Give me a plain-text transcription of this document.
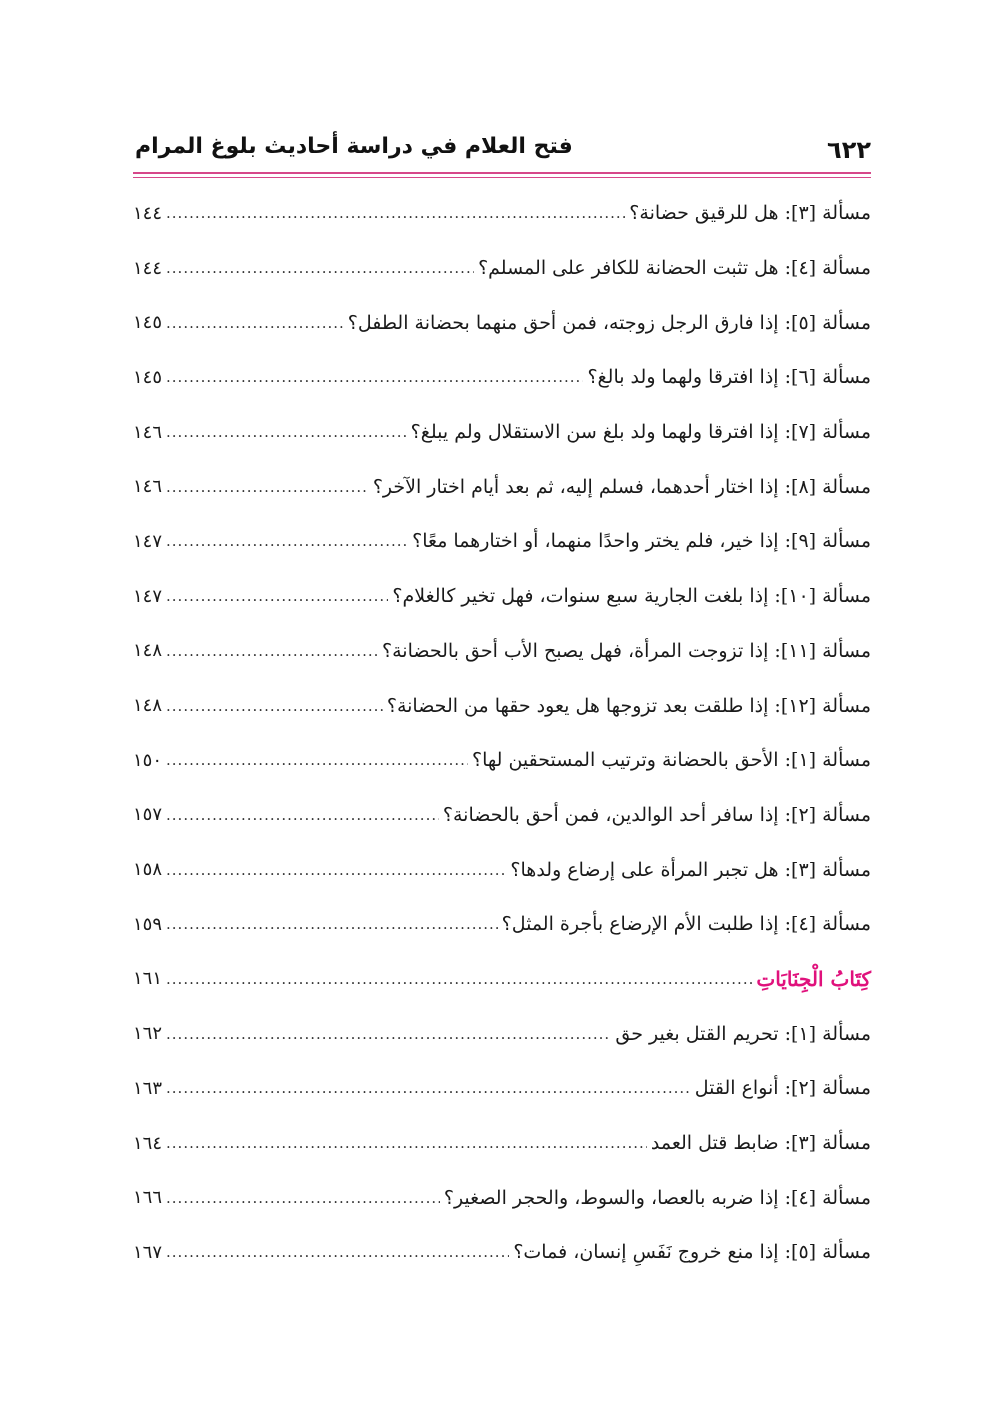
٦٢٢
فتح العلام في دراسة أحاديث بلوغ المرام
مسألة [٣]: هل للرقيق حضانة؟
.....
١٤٤
مسألة [٤]: هل تثبت الحضانة للكافر على المسلم؟
.....
١٤٤
مسألة [٥]: إذا فارق الرجل زوجته، فمن أحق منهما بحضانة الطفل؟
.....
١٤٥
مسألة [٦]: إذا افترقا ولهما ولد بالغ؟
.....
١٤٥
مسألة [٧]: إذا افترقا ولهما ولد بلغ سن الاستقلال ولم يبلغ؟
.....
١٤٦
مسألة [٨]: إذا اختار أحدهما، فسلم إليه، ثم بعد أيام اختار الآخر؟
.....
١٤٦
مسألة [٩]: إذا خير، فلم يختر واحدًا منهما، أو اختارهما معًا؟
.....
١٤٧
مسألة [١٠]: إذا بلغت الجارية سبع سنوات، فهل تخير كالغلام؟
.....
١٤٧
مسألة [١١]: إذا تزوجت المرأة، فهل يصبح الأب أحق بالحضانة؟
.....
١٤٨
مسألة [١٢]: إذا طلقت بعد تزوجها هل يعود حقها من الحضانة؟
.....
١٤٨
مسألة [١]: الأحق بالحضانة وترتيب المستحقين لها؟
.....
١٥٠
مسألة [٢]: إذا سافر أحد الوالدين، فمن أحق بالحضانة؟
.....
١٥٧
مسألة [٣]: هل تجبر المرأة على إرضاع ولدها؟
.....
١٥٨
مسألة [٤]: إذا طلبت الأم الإرضاع بأجرة المثل؟
.....
١٥٩
كِتَابُ الْجِنَايَاتِ
.....
١٦١
مسألة [١]: تحريم القتل بغير حق
.....
١٦٢
مسألة [٢]: أنواع القتل
.....
١٦٣
مسألة [٣]: ضابط قتل العمد
.....
١٦٤
مسألة [٤]: إذا ضربه بالعصا، والسوط، والحجر الصغير؟
.....
١٦٦
مسألة [٥]: إذا منع خروج نَفَسِ إنسان، فمات؟
.....
١٦٧
